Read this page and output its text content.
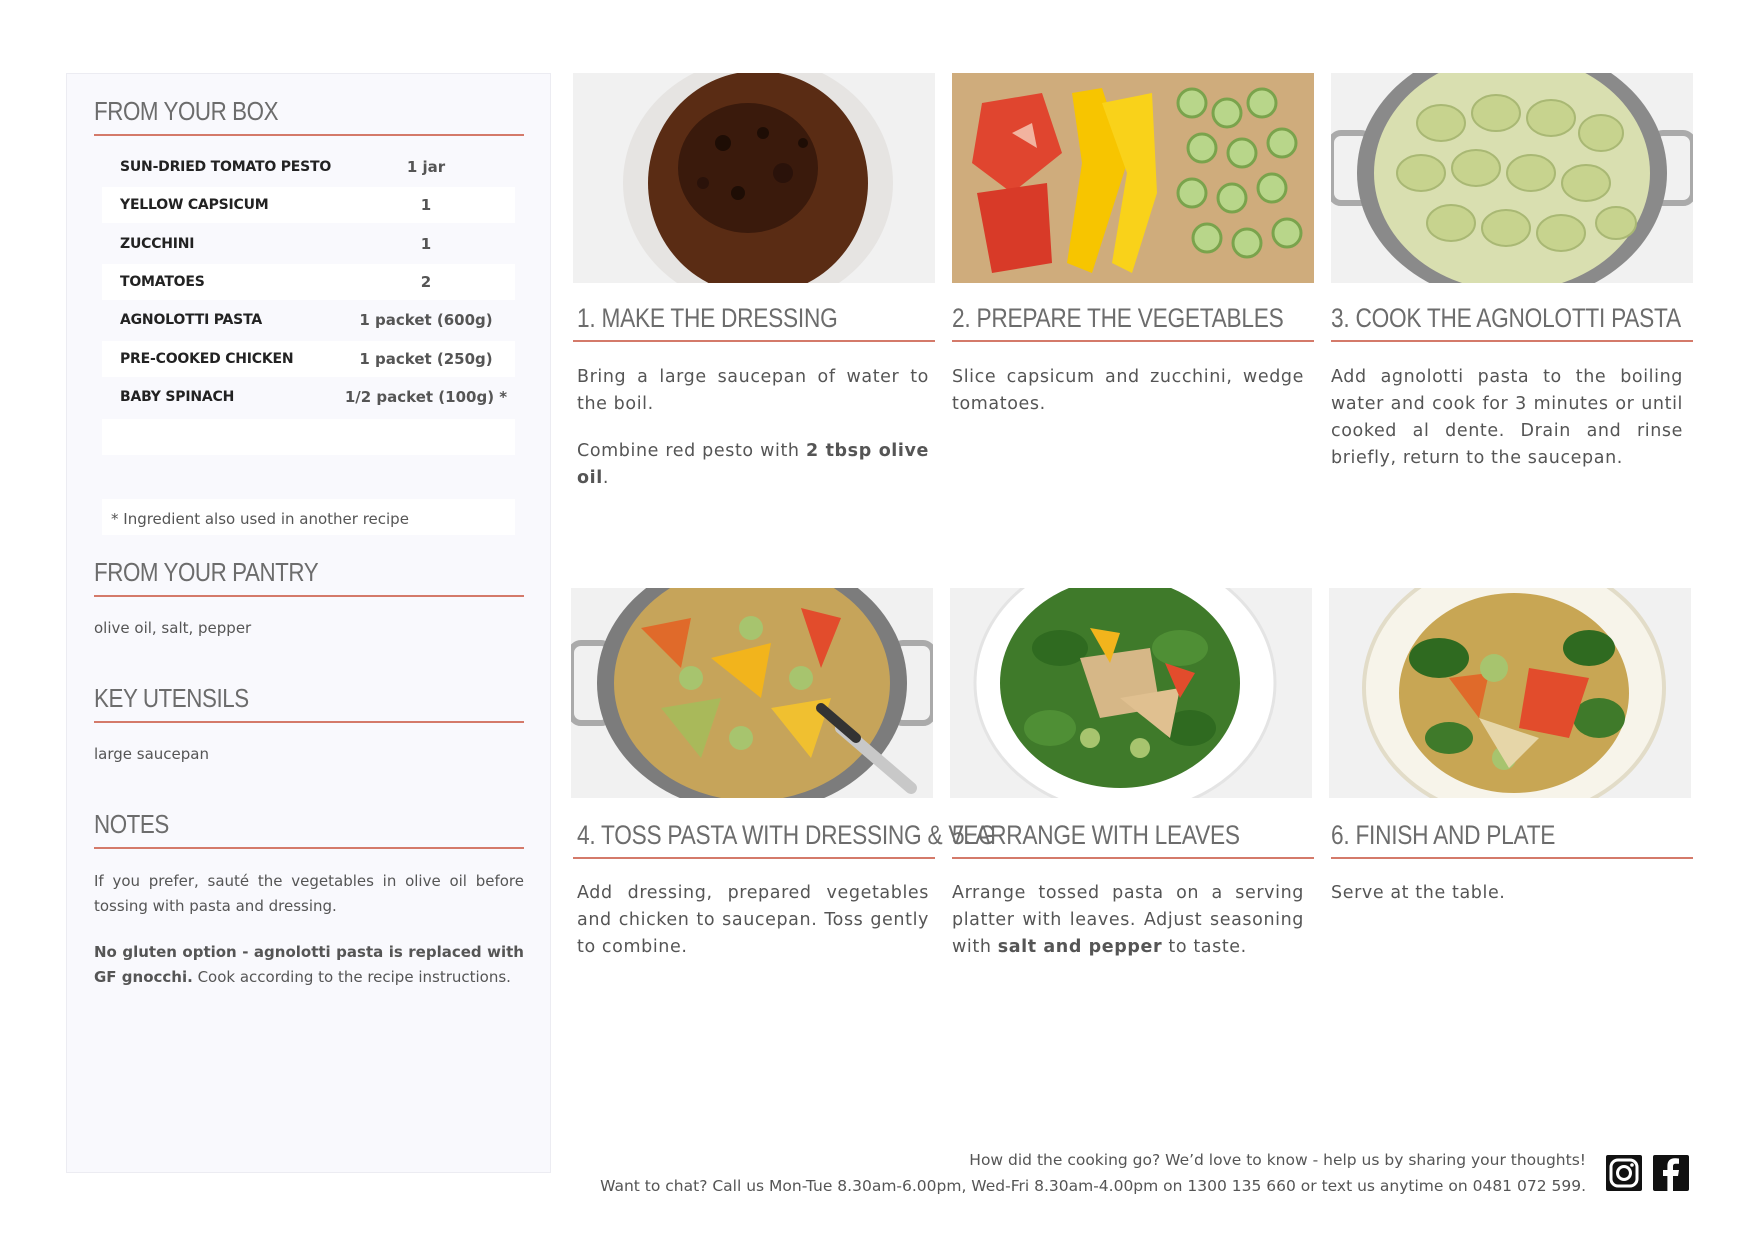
FROM YOUR BOX
SUN-DRIED TOMATO PESTO	1 jar
YELLOW CAPSICUM	1
ZUCCHINI	1
TOMATOES	2
AGNOLOTTI PASTA	1 packet (600g)
PRE-COOKED CHICKEN	1 packet (250g)
BABY SPINACH	1/2 packet (100g) *
* Ingredient also used in another recipe
FROM YOUR PANTRY
olive oil, salt, pepper
KEY UTENSILS
large saucepan
NOTES
If you prefer, sauté the vegetables in olive oil before tossing with pasta and dressing.
No gluten option - agnolotti pasta is replaced with GF gnocchi. Cook according to the recipe instructions.
1. MAKE THE DRESSING

Bring a large saucepan of water to the boil.

Combine red pesto with 2 tbsp olive oil.

2. PREPARE THE VEGETABLES

Slice capsicum and zucchini, wedge tomatoes.

3. COOK THE AGNOLOTTI PASTA

Add agnolotti pasta to the boiling water and cook for 3 minutes or until cooked al dente. Drain and rinse briefly, return to the saucepan.

4. TOSS PASTA WITH DRESSING & VEG

Add dressing, prepared vegetables and chicken to saucepan. Toss gently to combine.

5. ARRANGE WITH LEAVES

Arrange tossed pasta on a serving platter with leaves. Adjust seasoning with salt and pepper to taste.

6. FINISH AND PLATE

Serve at the table.

How did the cooking go? We’d love to know - help us by sharing your thoughts!
Want to chat? Call us Mon-Tue 8.30am-6.00pm, Wed-Fri 8.30am-4.00pm on 1300 135 660 or text us anytime on 0481 072 599.
